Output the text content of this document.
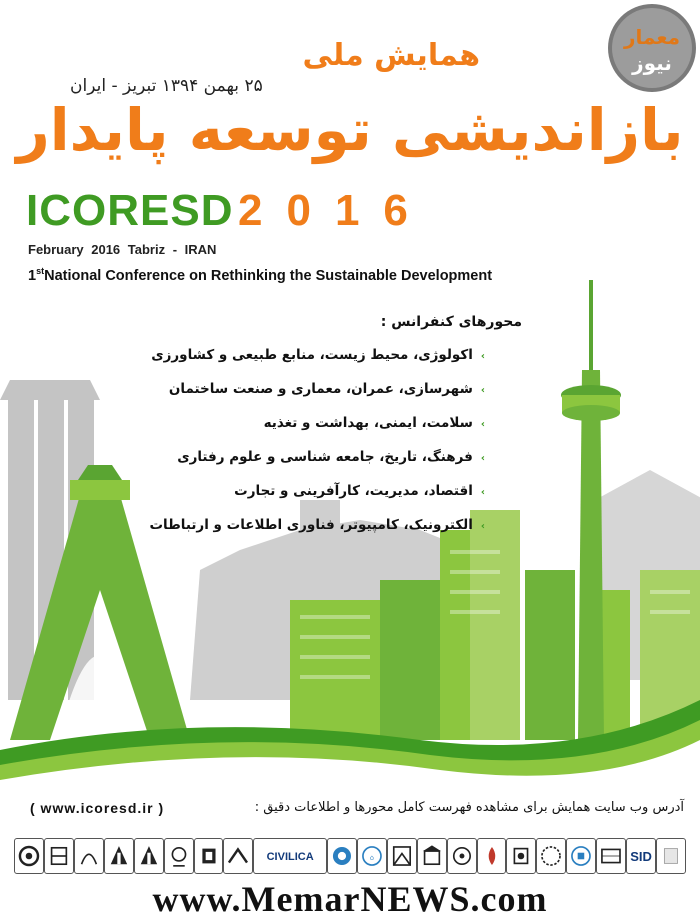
معمار
نیوز
همایش ملی
۲۵ بهمن ۱۳۹۴ تبریز - ایران
بازاندیشی توسعه پایدار
ICORESD 2016
February 2016 Tabriz - IRAN
1stNational Conference on Rethinking the Sustainable Development
محورهای کنفرانس :
›اکولوژی، محیط زیست، منابع طبیعی و کشاورزی
›شهرسازی، عمران، معماری و صنعت ساختمان
›سلامت، ایمنی، بهداشت و تغذیه
›فرهنگ، تاریخ، جامعه شناسی و علوم رفتاری
›اقتصاد، مدیریت، کارآفرینی و تجارت
›الکترونیک، کامپیوتر، فناوری اطلاعات و ارتباطات
آدرس وب سایت همایش برای مشاهده فهرست کامل محورها و اطلاعات دقیق :
( www.icoresd.ir )
CIVILICA	⌂	SID
www.MemarNEWS.com
